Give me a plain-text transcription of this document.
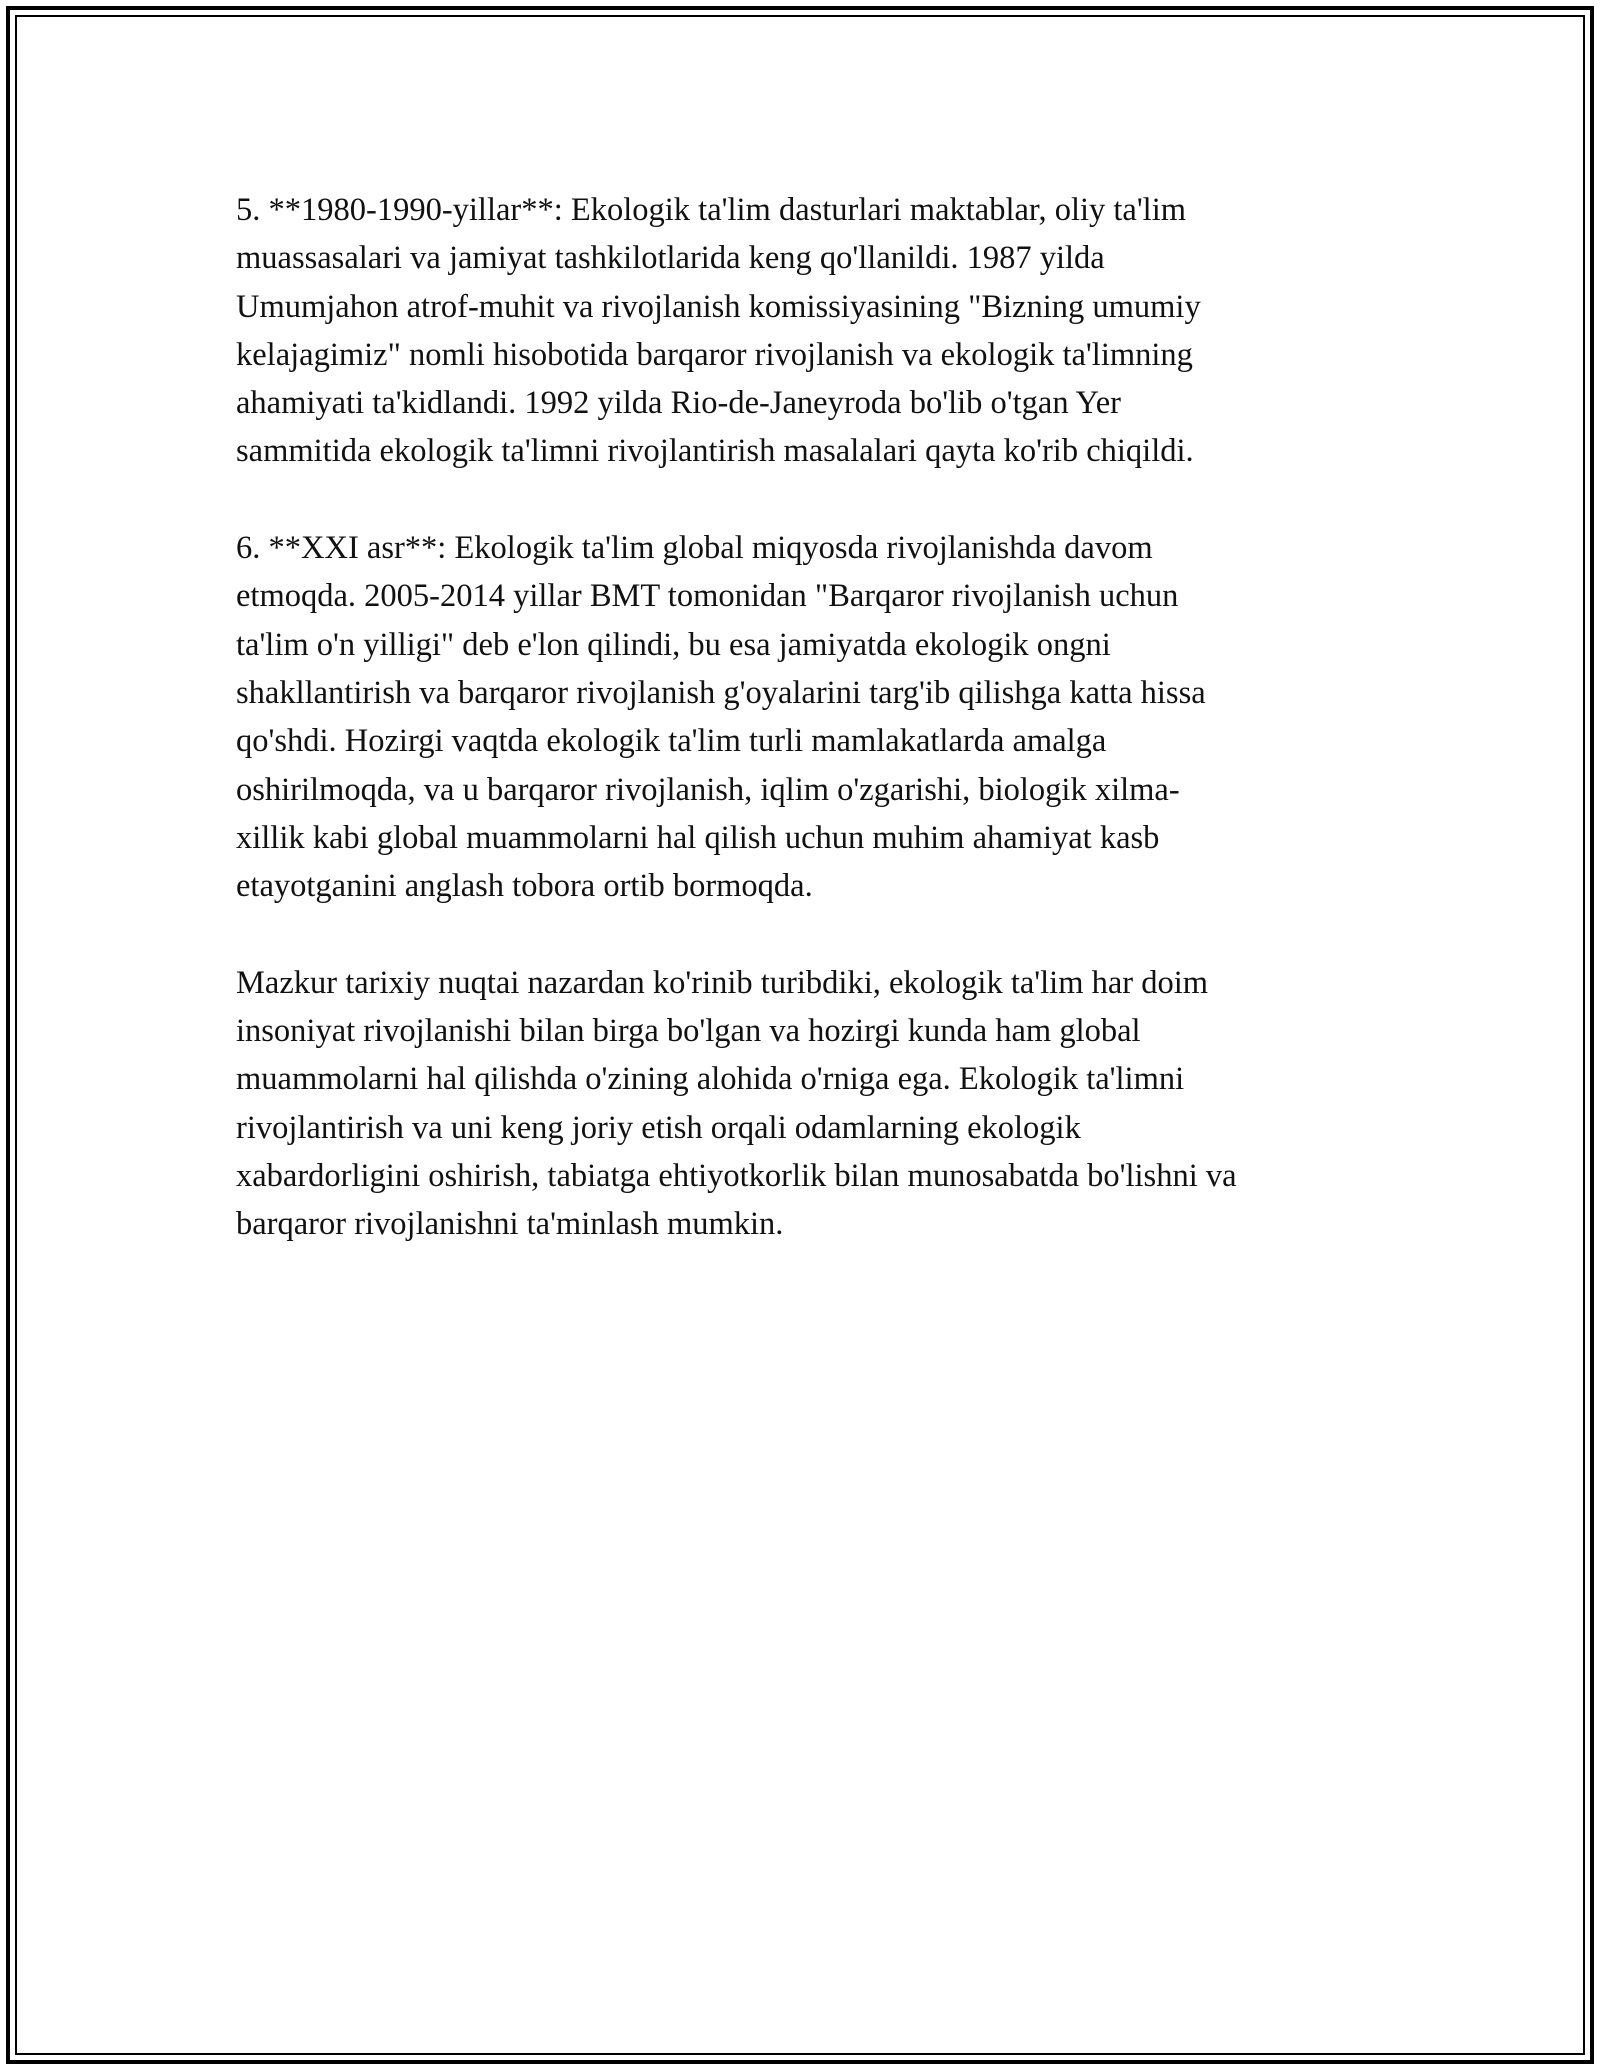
5. **1980-1990-yillar**: Ekologik ta'lim dasturlari maktablar, oliy ta'lim
muassasalari va jamiyat tashkilotlarida keng qo'llanildi. 1987 yilda
Umumjahon atrof-muhit va rivojlanish komissiyasining "Bizning umumiy
kelajagimiz" nomli hisobotida barqaror rivojlanish va ekologik ta'limning
ahamiyati ta'kidlandi. 1992 yilda Rio-de-Janeyroda bo'lib o'tgan Yer
sammitida ekologik ta'limni rivojlantirish masalalari qayta ko'rib chiqildi.

6. **XXI asr**: Ekologik ta'lim global miqyosda rivojlanishda davom
etmoqda. 2005-2014 yillar BMT tomonidan "Barqaror rivojlanish uchun
ta'lim o'n yilligi" deb e'lon qilindi, bu esa jamiyatda ekologik ongni
shakllantirish va barqaror rivojlanish g'oyalarini targ'ib qilishga katta hissa
qo'shdi. Hozirgi vaqtda ekologik ta'lim turli mamlakatlarda amalga
oshirilmoqda, va u barqaror rivojlanish, iqlim o'zgarishi, biologik xilma-
xillik kabi global muammolarni hal qilish uchun muhim ahamiyat kasb
etayotganini anglash tobora ortib bormoqda.

Mazkur tarixiy nuqtai nazardan ko'rinib turibdiki, ekologik ta'lim har doim
insoniyat rivojlanishi bilan birga bo'lgan va hozirgi kunda ham global
muammolarni hal qilishda o'zining alohida o'rniga ega. Ekologik ta'limni
rivojlantirish va uni keng joriy etish orqali odamlarning ekologik
xabardorligini oshirish, tabiatga ehtiyotkorlik bilan munosabatda bo'lishni va
barqaror rivojlanishni ta'minlash mumkin.
